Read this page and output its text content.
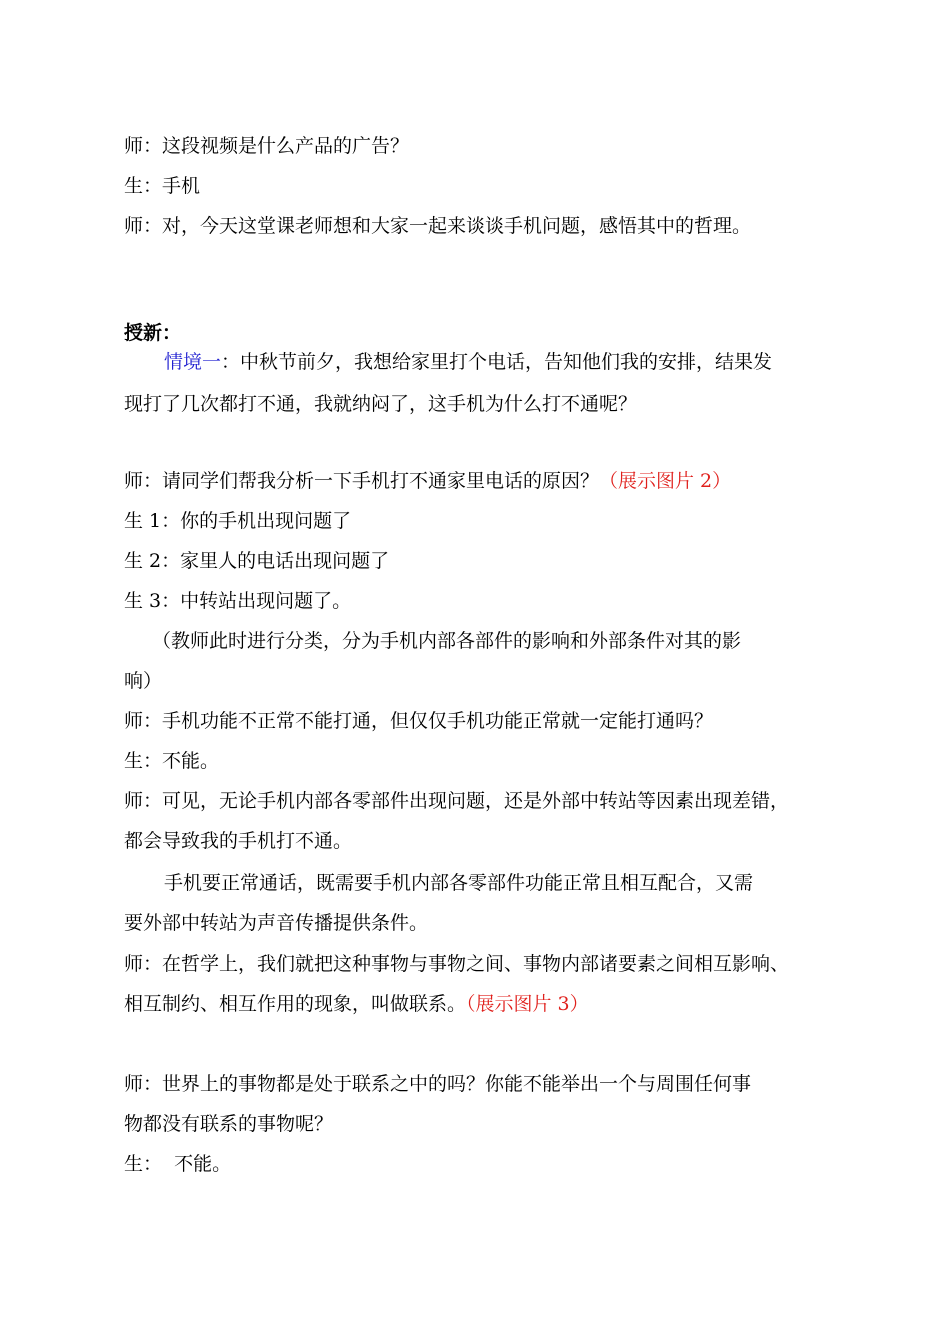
师：这段视频是什么产品的广告？
生：手机
师：对，今天这堂课老师想和大家一起来谈谈手机问题，感悟其中的哲理。
授新：
情境一：中秋节前夕，我想给家里打个电话，告知他们我的安排，结果发
现打了几次都打不通，我就纳闷了，这手机为什么打不通呢？
师：请同学们帮我分析一下手机打不通家里电话的原因？（展示图片 2）
生 1：你的手机出现问题了
生 2：家里人的电话出现问题了
生 3：中转站出现问题了。
（教师此时进行分类，分为手机内部各部件的影响和外部条件对其的影
响）
师：手机功能不正常不能打通，但仅仅手机功能正常就一定能打通吗？
生：不能。
师：可见，无论手机内部各零部件出现问题，还是外部中转站等因素出现差错，
都会导致我的手机打不通。
手机要正常通话，既需要手机内部各零部件功能正常且相互配合，又需
要外部中转站为声音传播提供条件。
师：在哲学上，我们就把这种事物与事物之间、事物内部诸要素之间相互影响、
相互制约、相互作用的现象，叫做联系。（展示图片 3）
师：世界上的事物都是处于联系之中的吗？你能不能举出一个与周围任何事
物都没有联系的事物呢？
生：  不能。
